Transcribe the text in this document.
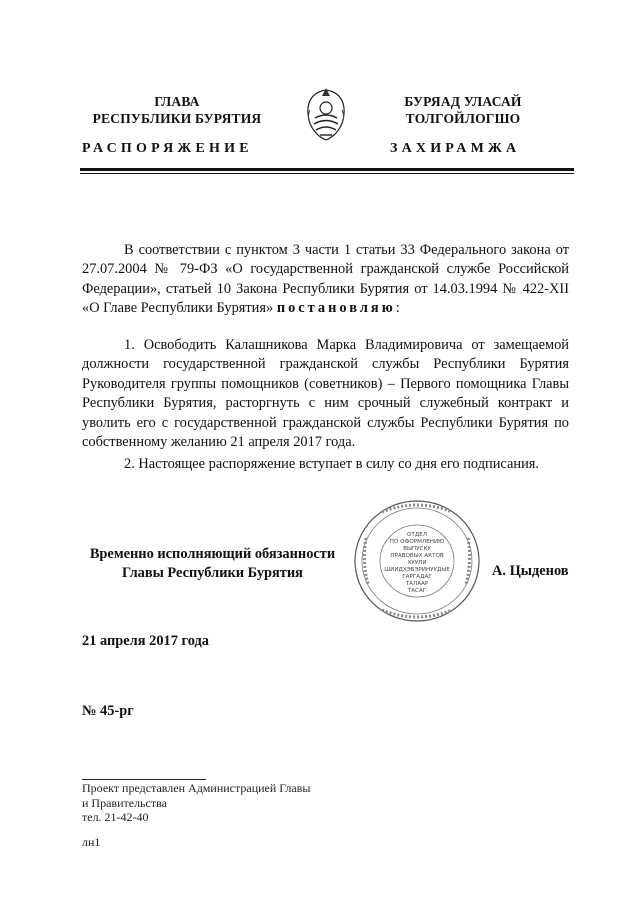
ГЛАВА
РЕСПУБЛИКИ БУРЯТИЯ
БУРЯАД УЛАСАЙ
ТОЛГОЙЛОГШО
РАСПОРЯЖЕНИЕ	ЗАХИРАМЖА
В соответствии с пунктом 3 части 1 статьи 33 Федерального закона от 27.07.2004 № 79-ФЗ «О государственной гражданской службе Российской Федерации», статьей 10 Закона Республики Бурятия от 14.03.1994 № 422-XII «О Главе Республики Бурятия» постановляю:
1. Освободить Калашникова Марка Владимировича от замещаемой должности государственной гражданской службы Республики Бурятия Руководителя группы помощников (советников) – Первого помощника Главы Республики Бурятия, расторгнуть с ним срочный служебный контракт и уволить его с государственной гражданской службы Республики Бурятия по собственному желанию 21 апреля 2017 года.
2. Настоящее распоряжение вступает в силу со дня его подписания.
Временно исполняющий обязанности
Главы Республики Бурятия
ОТДЕЛ
ПО ОФОРМЛЕНИЮ
ВЫПУСКУ
ПРАВОВЫХ АКТОВ
ХУУЛИ
ШИИДХЭБЭРИНУУДЫЕ
ГАРГАДАГ
ТАЛААР
ТАСАГ
А. Цыденов
21 апреля 2017 года
№ 45-рг
Проект представлен Администрацией Главы
и Правительства
тел. 21-42-40
лн1
